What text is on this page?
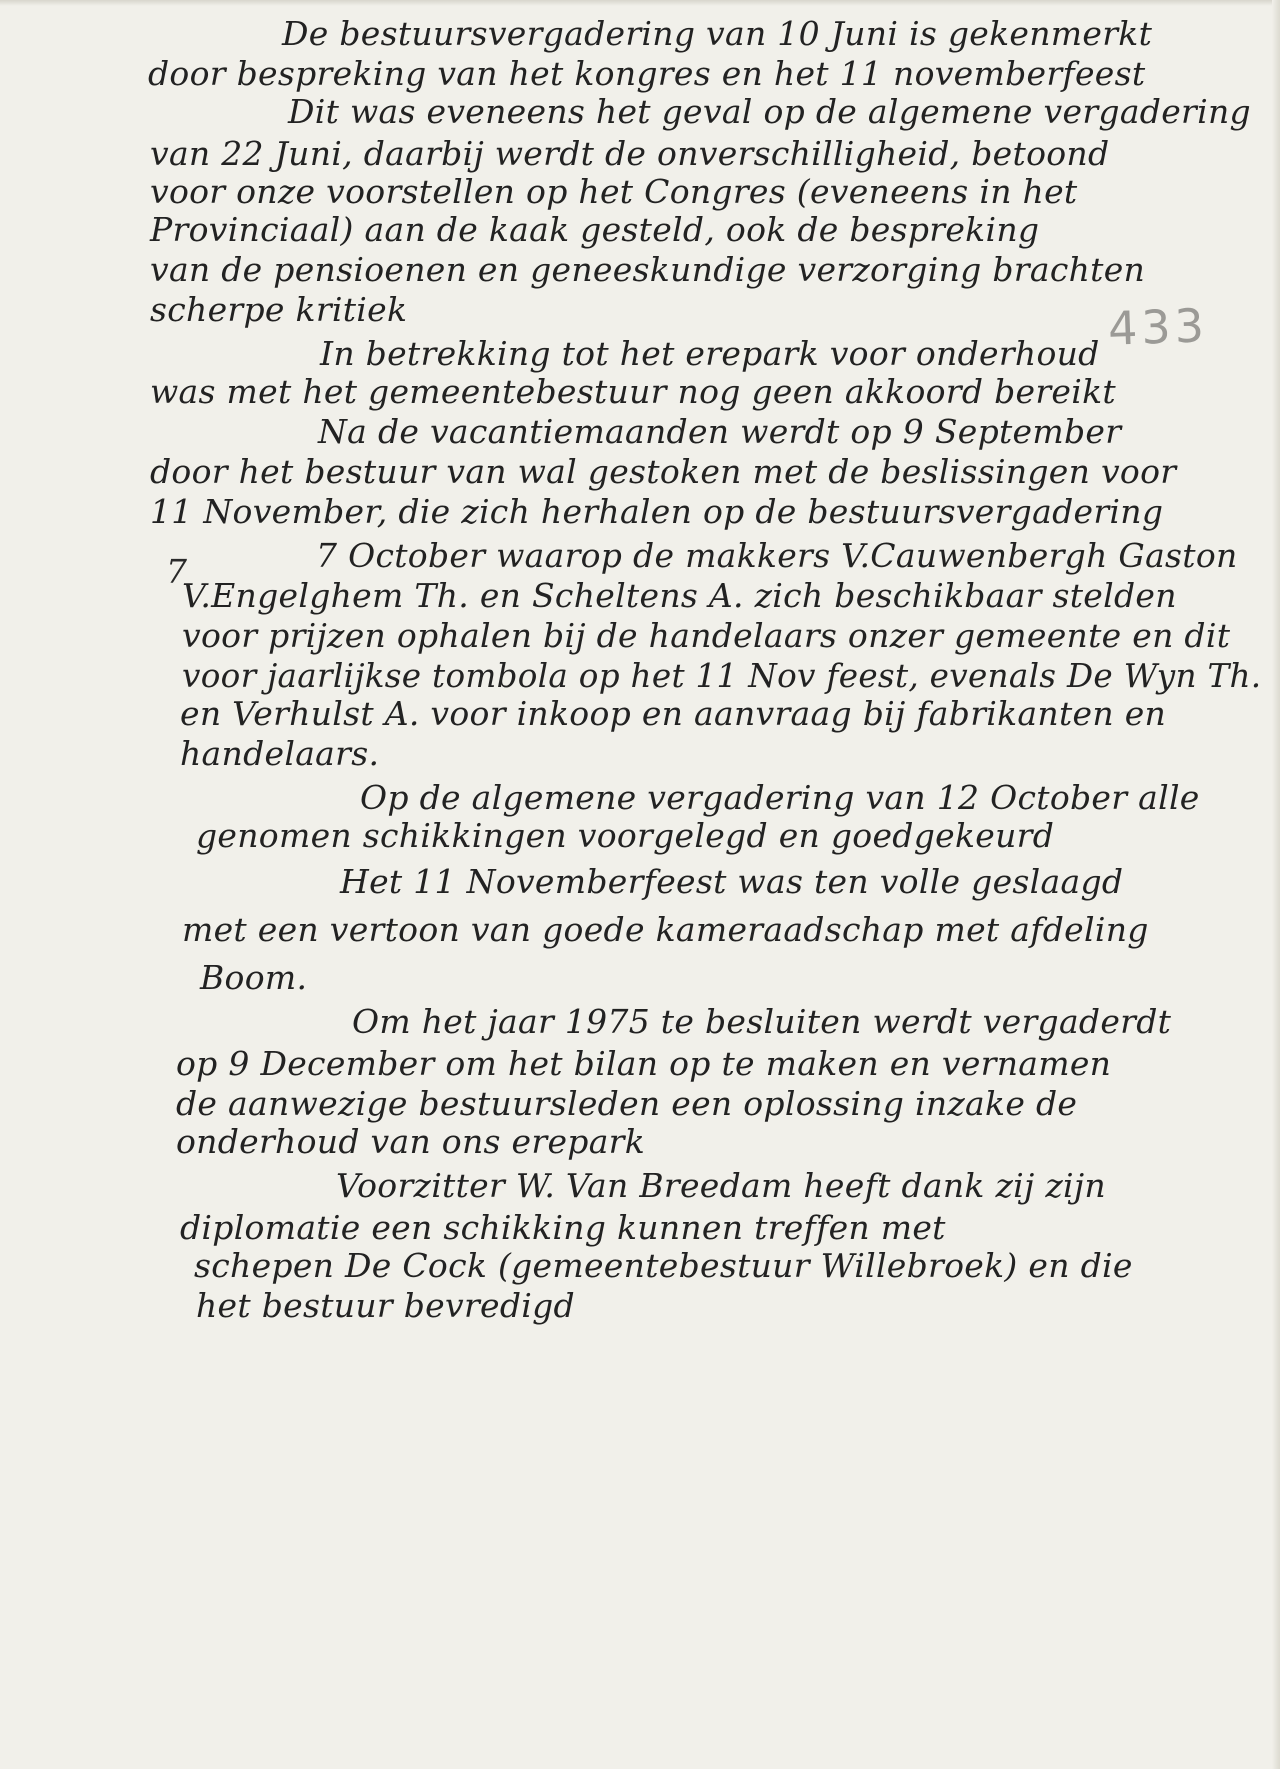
433
7
De bestuursvergadering van 10 Juni is gekenmerkt
door bespreking van het kongres en het 11 novemberfeest
Dit was eveneens het geval op de algemene vergadering
van 22 Juni, daarbij werdt de onverschilligheid, betoond
voor onze voorstellen op het Congres (eveneens in het
Provinciaal) aan de kaak gesteld, ook de bespreking
van de pensioenen en geneeskundige verzorging brachten
scherpe kritiek
In betrekking tot het erepark voor onderhoud
was met het gemeentebestuur nog geen akkoord bereikt
Na de vacantiemaanden werdt op 9 September
door het bestuur van wal gestoken met de beslissingen voor
11 November, die zich herhalen op de bestuursvergadering
7 October waarop de makkers V.Cauwenbergh Gaston
V.Engelghem Th. en Scheltens A. zich beschikbaar stelden
voor prijzen ophalen bij de handelaars onzer gemeente en dit
voor jaarlijkse tombola op het 11 Nov feest, evenals De Wyn Th.
en Verhulst A. voor inkoop en aanvraag bij fabrikanten en
handelaars.
Op de algemene vergadering van 12 October alle
genomen schikkingen voorgelegd en goedgekeurd
Het 11 Novemberfeest was ten volle geslaagd
met een vertoon van goede kameraadschap met afdeling
Boom.
Om het jaar 1975 te besluiten werdt vergaderdt
op 9 December om het bilan op te maken en vernamen
de aanwezige bestuursleden een oplossing inzake de
onderhoud van ons erepark
Voorzitter W. Van Breedam heeft dank zij zijn
diplomatie een schikking kunnen treffen met
schepen De Cock (gemeentebestuur Willebroek) en die
het bestuur bevredigd
